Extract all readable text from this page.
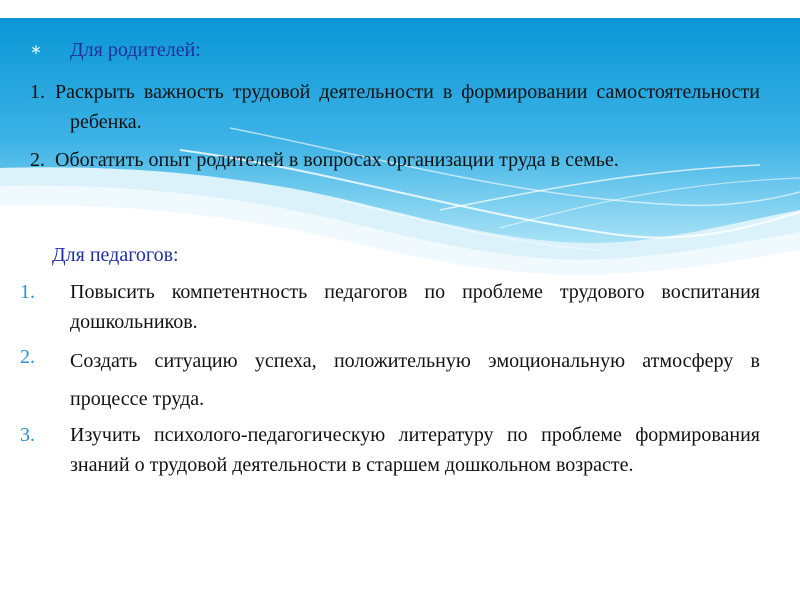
∗ Для родителей:
1. Раскрыть важность трудовой деятельности в формировании самостоятельности ребенка.
2. Обогатить опыт родителей в вопросах организации труда в семье.
Для педагогов:
1. Повысить компетентность педагогов по проблеме трудового воспитания дошкольников.
2. Создать ситуацию успеха, положительную эмоциональную атмосферу в процессе труда.
3. Изучить психолого-педагогическую литературу по проблеме формирования знаний о трудовой деятельности в старшем дошкольном возрасте.
